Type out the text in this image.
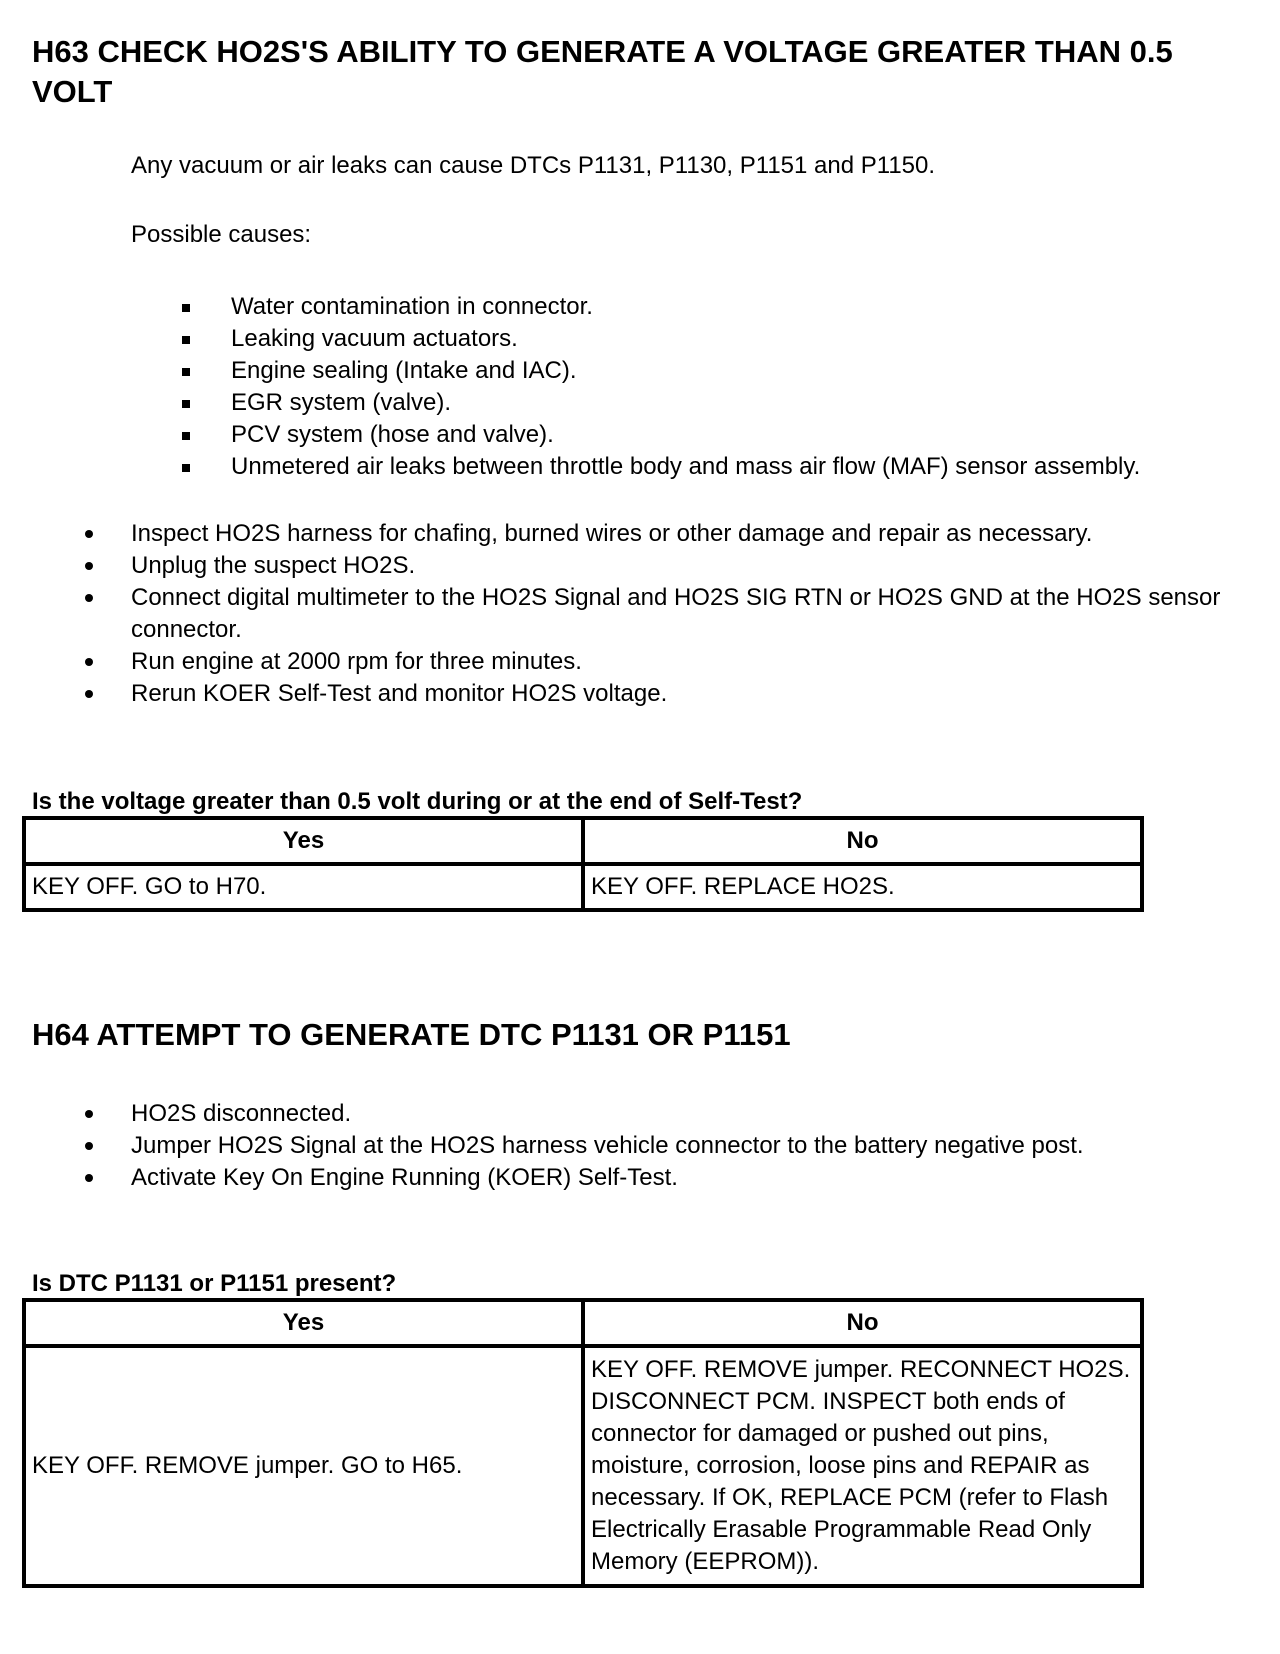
H63 CHECK HO2S'S ABILITY TO GENERATE A VOLTAGE GREATER THAN 0.5 VOLT

Any vacuum or air leaks can cause DTCs P1131, P1130, P1151 and P1150.

Possible causes:

Water contamination in connector.
Leaking vacuum actuators.
Engine sealing (Intake and IAC).
EGR system (valve).
PCV system (hose and valve).
Unmetered air leaks between throttle body and mass air flow (MAF) sensor assembly.
Inspect HO2S harness for chafing, burned wires or other damage and repair as necessary.
Unplug the suspect HO2S.
Connect digital multimeter to the HO2S Signal and HO2S SIG RTN or HO2S GND at the HO2S sensor connector.
Run engine at 2000 rpm for three minutes.
Rerun KOER Self-Test and monitor HO2S voltage.

Is the voltage greater than 0.5 volt during or at the end of Self-Test?

Yes	No
KEY OFF. GO to H70.	KEY OFF. REPLACE HO2S.
H64 ATTEMPT TO GENERATE DTC P1131 OR P1151
HO2S disconnected.
Jumper HO2S Signal at the HO2S harness vehicle connector to the battery negative post.
Activate Key On Engine Running (KOER) Self-Test.

Is DTC P1131 or P1151 present?

Yes	No
KEY OFF. REMOVE jumper. GO to H65.	KEY OFF. REMOVE jumper. RECONNECT HO2S. DISCONNECT PCM. INSPECT both ends of connector for damaged or pushed out pins, moisture, corrosion, loose pins and REPAIR as necessary. If OK, REPLACE PCM (refer to Flash Electrically Erasable Programmable Read Only Memory (EEPROM)).
